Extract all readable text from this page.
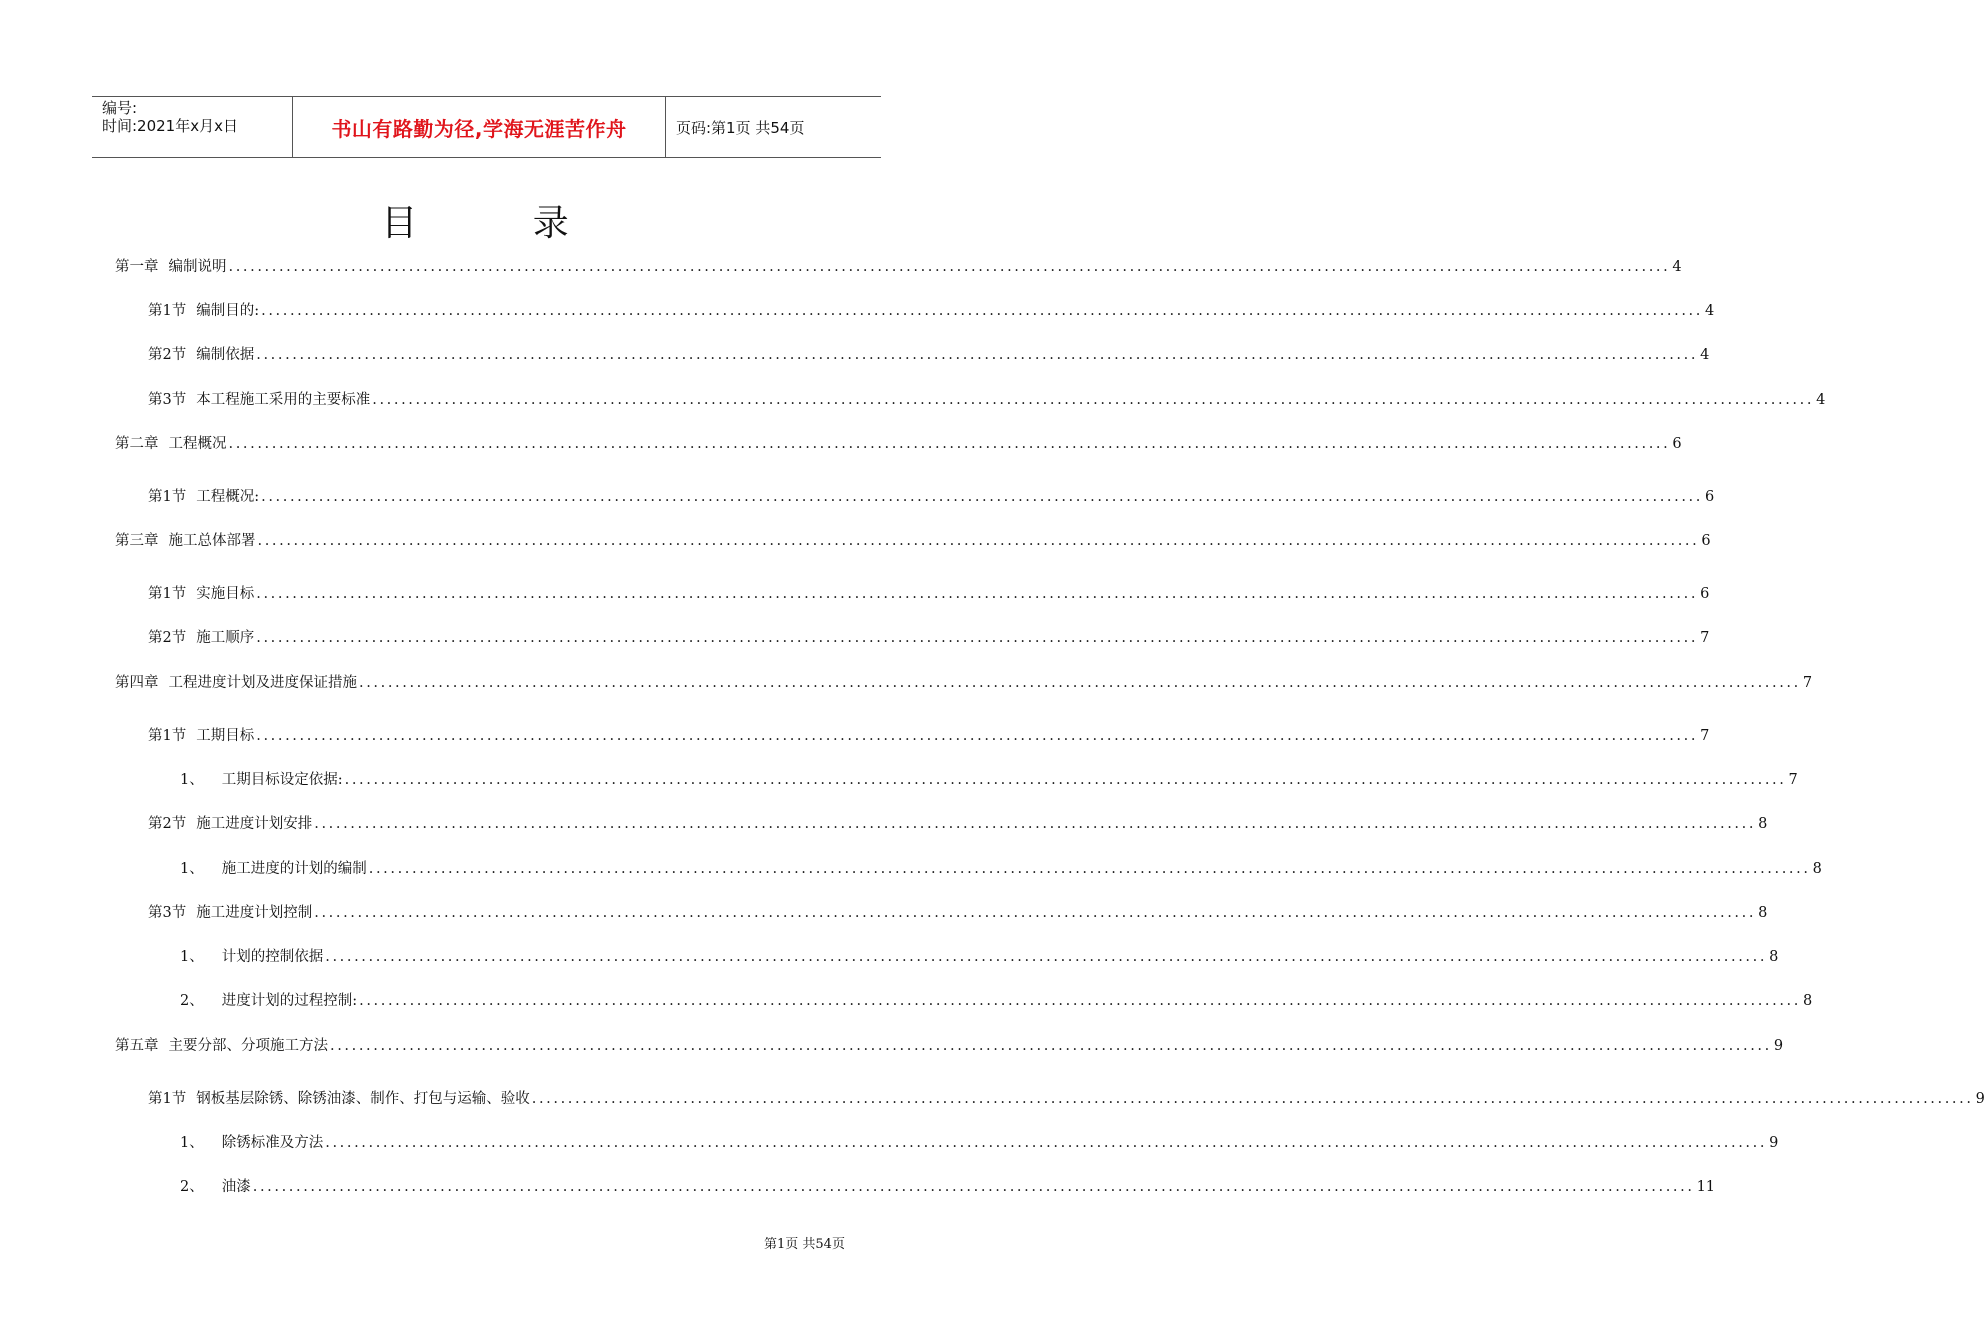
编号:
时间:2021年x月x日	书山有路勤为径,学海无涯苦作舟	页码:第1页 共54页
目 录
第一章 编制说明 ........................................................................................................................................................................................................ 4
第1节 编制目的: ........................................................................................................................................................................................................ 4
第2节 编制依据 ........................................................................................................................................................................................................ 4
第3节 本工程施工采用的主要标准 ........................................................................................................................................................................................................ 4
第二章 工程概况 ........................................................................................................................................................................................................ 6
第1节 工程概况: ........................................................................................................................................................................................................ 6
第三章 施工总体部署 ........................................................................................................................................................................................................ 6
第1节 实施目标 ........................................................................................................................................................................................................ 6
第2节 施工顺序 ........................................................................................................................................................................................................ 7
第四章 工程进度计划及进度保证措施 ........................................................................................................................................................................................................ 7
第1节 工期目标 ........................................................................................................................................................................................................ 7
1、 工期目标设定依据: ........................................................................................................................................................................................................ 7
第2节 施工进度计划安排 ........................................................................................................................................................................................................ 8
1、 施工进度的计划的编制 ........................................................................................................................................................................................................ 8
第3节 施工进度计划控制 ........................................................................................................................................................................................................ 8
1、 计划的控制依据 ........................................................................................................................................................................................................ 8
2、 进度计划的过程控制: ........................................................................................................................................................................................................ 8
第五章 主要分部、分项施工方法 ........................................................................................................................................................................................................ 9
第1节 钢板基层除锈、除锈油漆、制作、打包与运输、验收 ........................................................................................................................................................................................................ 9
1、 除锈标准及方法 ........................................................................................................................................................................................................ 9
2、 油漆 ........................................................................................................................................................................................................ 11
第1页 共54页
